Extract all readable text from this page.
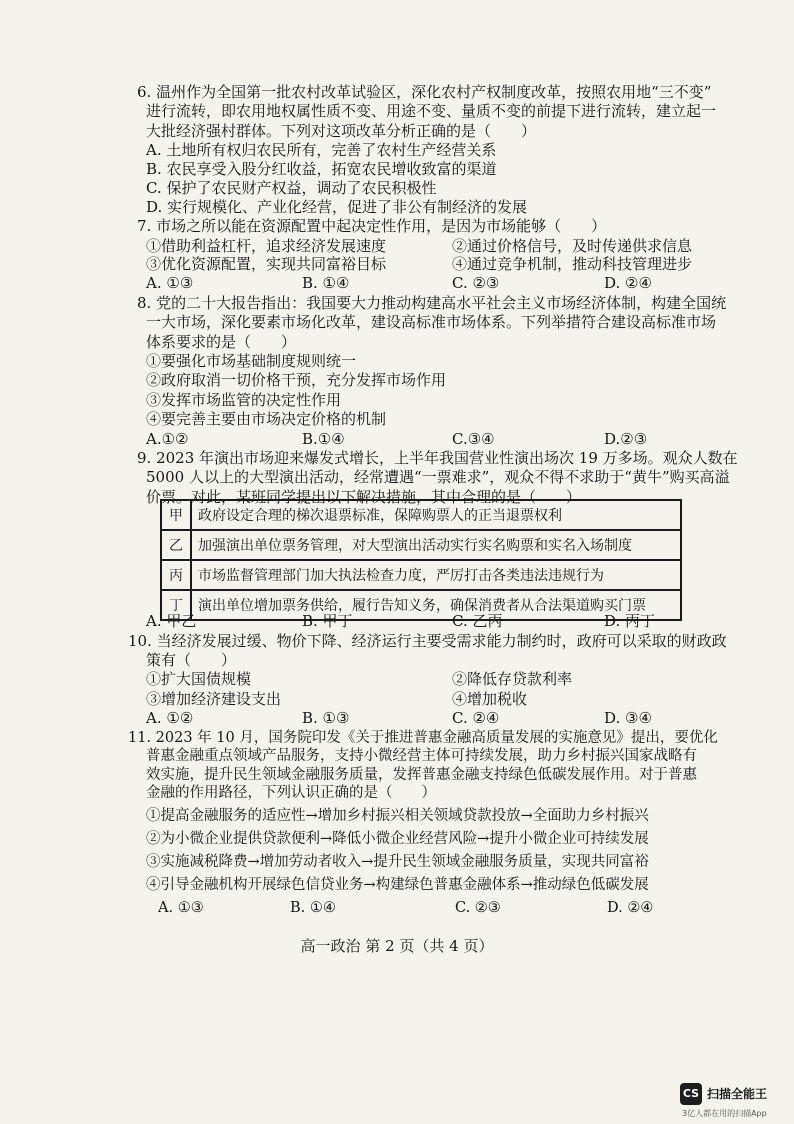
6. 温州作为全国第一批农村改革试验区，深化农村产权制度改革，按照农用地“三不变”
进行流转，即农用地权属性质不变、用途不变、量质不变的前提下进行流转，建立起一
大批经济强村群体。下列对这项改革分析正确的是（　　）
A. 土地所有权归农民所有，完善了农村生产经营关系
B. 农民享受入股分红收益，拓宽农民增收致富的渠道
C. 保护了农民财产权益，调动了农民积极性
D. 实行规模化、产业化经营，促进了非公有制经济的发展
7. 市场之所以能在资源配置中起决定性作用，是因为市场能够（　　）
①借助利益杠杆，追求经济发展速度	②通过价格信号，及时传递供求信息
③优化资源配置，实现共同富裕目标	④通过竞争机制，推动科技管理进步
A. ①③	B. ①④	C. ②③	D. ②④
8. 党的二十大报告指出：我国要大力推动构建高水平社会主义市场经济体制，构建全国统
一大市场，深化要素市场化改革，建设高标准市场体系。下列举措符合建设高标准市场
体系要求的是（　　）
①要强化市场基础制度规则统一
②政府取消一切价格干预，充分发挥市场作用
③发挥市场监管的决定性作用
④要完善主要由市场决定价格的机制
A.①②	B.①④	C.③④	D.②③
9. 2023 年演出市场迎来爆发式增长，上半年我国营业性演出场次 19 万多场。观众人数在
5000 人以上的大型演出活动，经常遭遇“一票难求”，观众不得不求助于“黄牛”购买高溢
价票。对此，某班同学提出以下解决措施，其中合理的是（　　）
甲	政府设定合理的梯次退票标准，保障购票人的正当退票权利
乙	加强演出单位票务管理，对大型演出活动实行实名购票和实名入场制度
丙	市场监督管理部门加大执法检查力度，严厉打击各类违法违规行为
丁	演出单位增加票务供给，履行告知义务，确保消费者从合法渠道购买门票
A. 甲乙	B. 甲丁	C. 乙丙	D. 丙丁
10. 当经济发展过缓、物价下降、经济运行主要受需求能力制约时，政府可以采取的财政政
策有（　　）
①扩大国债规模	②降低存贷款利率
③增加经济建设支出	④增加税收
A. ①②	B. ①③	C. ②④	D. ③④
11. 2023 年 10 月，国务院印发《关于推进普惠金融高质量发展的实施意见》提出，要优化
普惠金融重点领域产品服务，支持小微经营主体可持续发展，助力乡村振兴国家战略有
效实施，提升民生领域金融服务质量，发挥普惠金融支持绿色低碳发展作用。对于普惠
金融的作用路径，下列认识正确的是（　　）
①提高金融服务的适应性→增加乡村振兴相关领域贷款投放→全面助力乡村振兴
②为小微企业提供贷款便利→降低小微企业经营风险→提升小微企业可持续发展
③实施减税降费→增加劳动者收入→提升民生领域金融服务质量，实现共同富裕
④引导金融机构开展绿色信贷业务→构建绿色普惠金融体系→推动绿色低碳发展
A. ①③	B. ①④	C. ②③	D. ②④
高一政治 第 2 页（共 4 页）
CS 扫描全能王
3亿人都在用的扫描App
